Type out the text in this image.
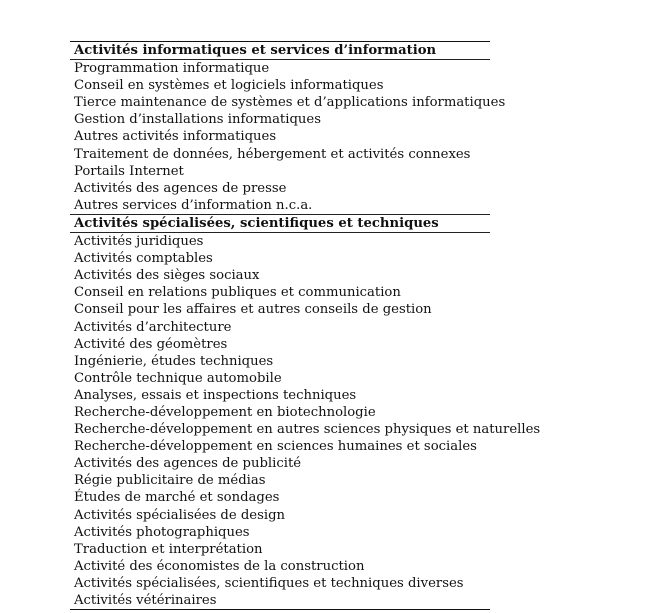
Activités informatiques et services d’information
Programmation informatique
Conseil en systèmes et logiciels informatiques
Tierce maintenance de systèmes et d’applications informatiques
Gestion d’installations informatiques
Autres activités informatiques
Traitement de données, hébergement et activités connexes
Portails Internet
Activités des agences de presse
Autres services d’information n.c.a.
Activités spécialisées, scientifiques et techniques
Activités juridiques
Activités comptables
Activités des sièges sociaux
Conseil en relations publiques et communication
Conseil pour les affaires et autres conseils de gestion
Activités d’architecture
Activité des géomètres
Ingénierie, études techniques
Contrôle technique automobile
Analyses, essais et inspections techniques
Recherche-développement en biotechnologie
Recherche-développement en autres sciences physiques et naturelles
Recherche-développement en sciences humaines et sociales
Activités des agences de publicité
Régie publicitaire de médias
Études de marché et sondages
Activités spécialisées de design
Activités photographiques
Traduction et interprétation
Activité des économistes de la construction
Activités spécialisées, scientifiques et techniques diverses
Activités vétérinaires
